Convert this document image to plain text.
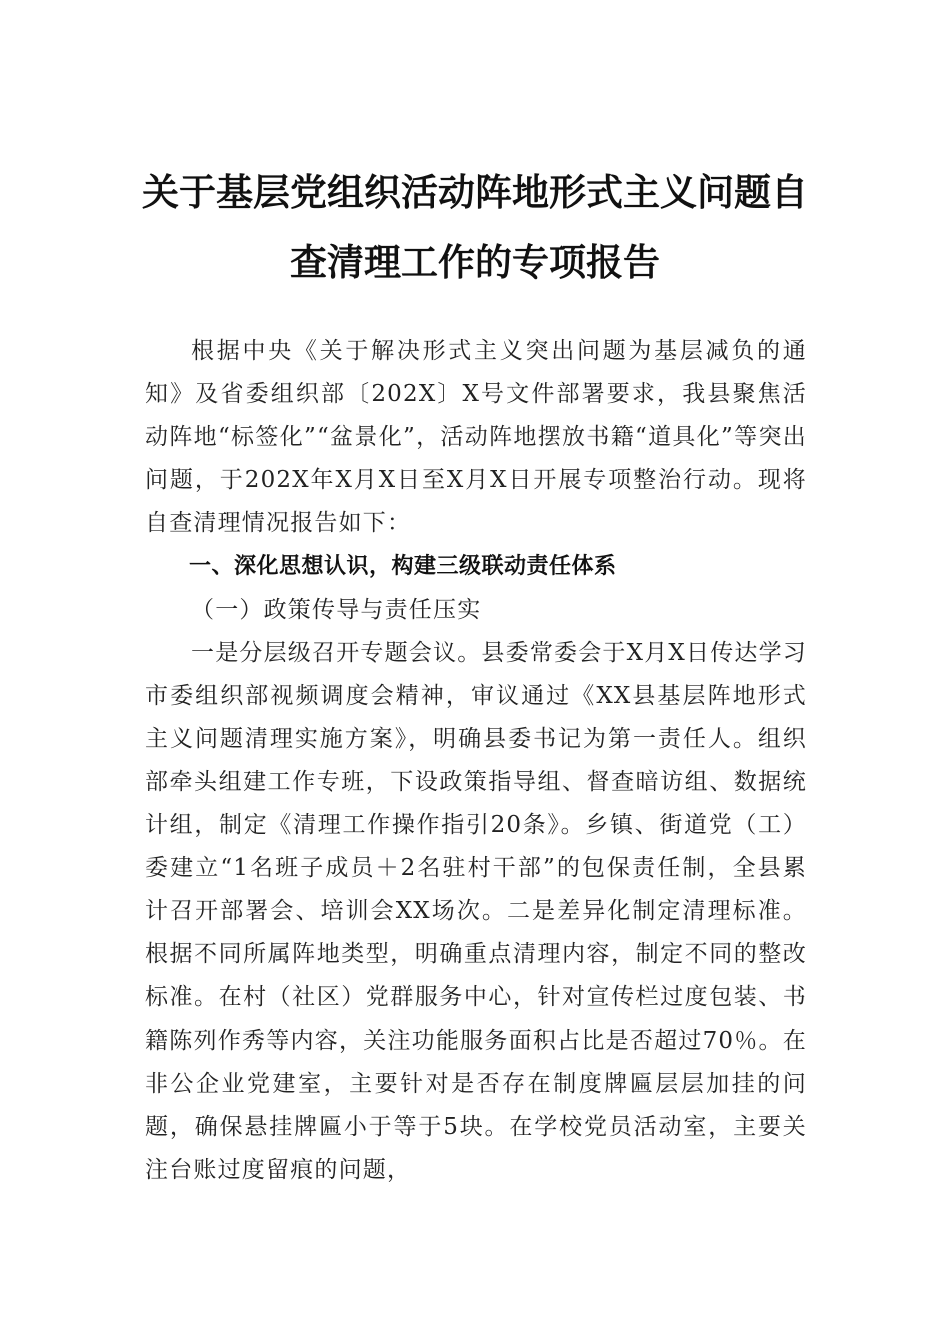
关于基层党组织活动阵地形式主义问题自
查清理工作的专项报告

根据中央《关于解决形式主义突出问题为基层减负的通知》及省委组织部〔202X〕X号文件部署要求，我县聚焦活动阵地“标签化”“盆景化”，活动阵地摆放书籍“道具化”等突出问题，于202X年X月X日至X月X日开展专项整治行动。现将自查清理情况报告如下：

一、深化思想认识，构建三级联动责任体系

（一）政策传导与责任压实

一是分层级召开专题会议。县委常委会于X月X日传达学习市委组织部视频调度会精神，审议通过《XX县基层阵地形式主义问题清理实施方案》，明确县委书记为第一责任人。组织部牵头组建工作专班，下设政策指导组、督查暗访组、数据统计组，制定《清理工作操作指引20条》。乡镇、街道党（工）委建立“1名班子成员＋2名驻村干部”的包保责任制，全县累计召开部署会、培训会XX场次。二是差异化制定清理标准。根据不同所属阵地类型，明确重点清理内容，制定不同的整改标准。在村（社区）党群服务中心，针对宣传栏过度包装、书籍陈列作秀等内容，关注功能服务面积占比是否超过70％。在非公企业党建室，主要针对是否存在制度牌匾层层加挂的问题，确保悬挂牌匾小于等于5块。在学校党员活动室，主要关注台账过度留痕的问题，
